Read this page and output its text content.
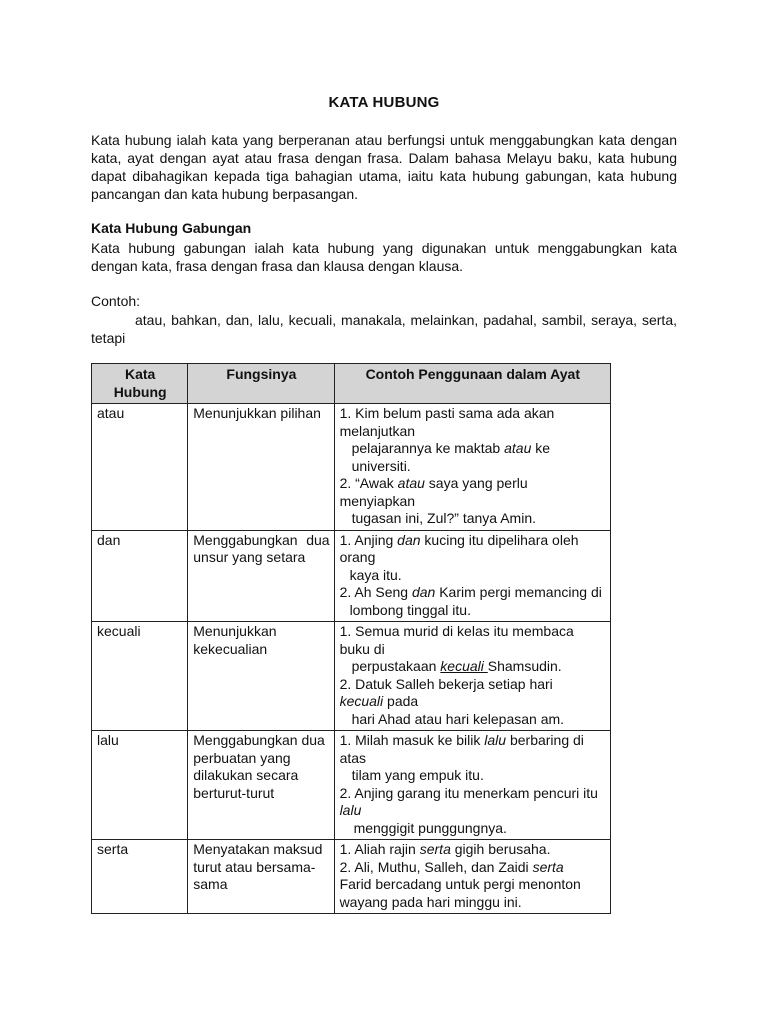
KATA HUBUNG
Kata hubung ialah kata yang berperanan atau berfungsi untuk menggabungkan kata dengan kata, ayat dengan ayat atau frasa dengan frasa. Dalam bahasa Melayu baku, kata hubung dapat dibahagikan kepada tiga bahagian utama, iaitu kata hubung gabungan, kata hubung pancangan dan kata hubung berpasangan.
Kata Hubung Gabungan
Kata hubung gabungan ialah kata hubung yang digunakan untuk menggabungkan kata dengan kata, frasa dengan frasa dan klausa dengan klausa.
Contoh:
atau, bahkan, dan, lalu, kecuali, manakala, melainkan, padahal, sambil, seraya, serta, tetapi
Kata Hubung	Fungsinya	Contoh Penggunaan dalam Ayat
atau	Menunjukkan pilihan	1. Kim belum pasti sama ada akan melanjutkan
pelajarannya ke maktab atau ke universiti.
2. “Awak atau saya yang perlu menyiapkan
tugasan ini, Zul?” tanya Amin.

dan	Menggabungkan dua unsur yang setara	1. Anjing dan kucing itu dipelihara oleh orang
kaya itu.
2. Ah Seng dan Karim pergi memancing di
lombong tinggal itu.

kecuali	Menunjukkan kekecualian	1. Semua murid di kelas itu membaca buku di
perpustakaan kecuali Shamsudin.
2. Datuk Salleh bekerja setiap hari
kecuali pada
hari Ahad atau hari kelepasan am.

lalu	Menggabungkan dua perbuatan yang dilakukan secara berturut-turut	1. Milah masuk ke bilik lalu berbaring di atas
tilam yang empuk itu.
2. Anjing garang itu menerkam pencuri itu lalu
menggigit punggungnya.

serta	Menyatakan maksud turut atau bersama-sama	1. Aliah rajin serta gigih berusaha.
2. Ali, Muthu, Salleh, dan Zaidi serta
Farid bercadang untuk pergi menonton wayang pada hari minggu ini.
